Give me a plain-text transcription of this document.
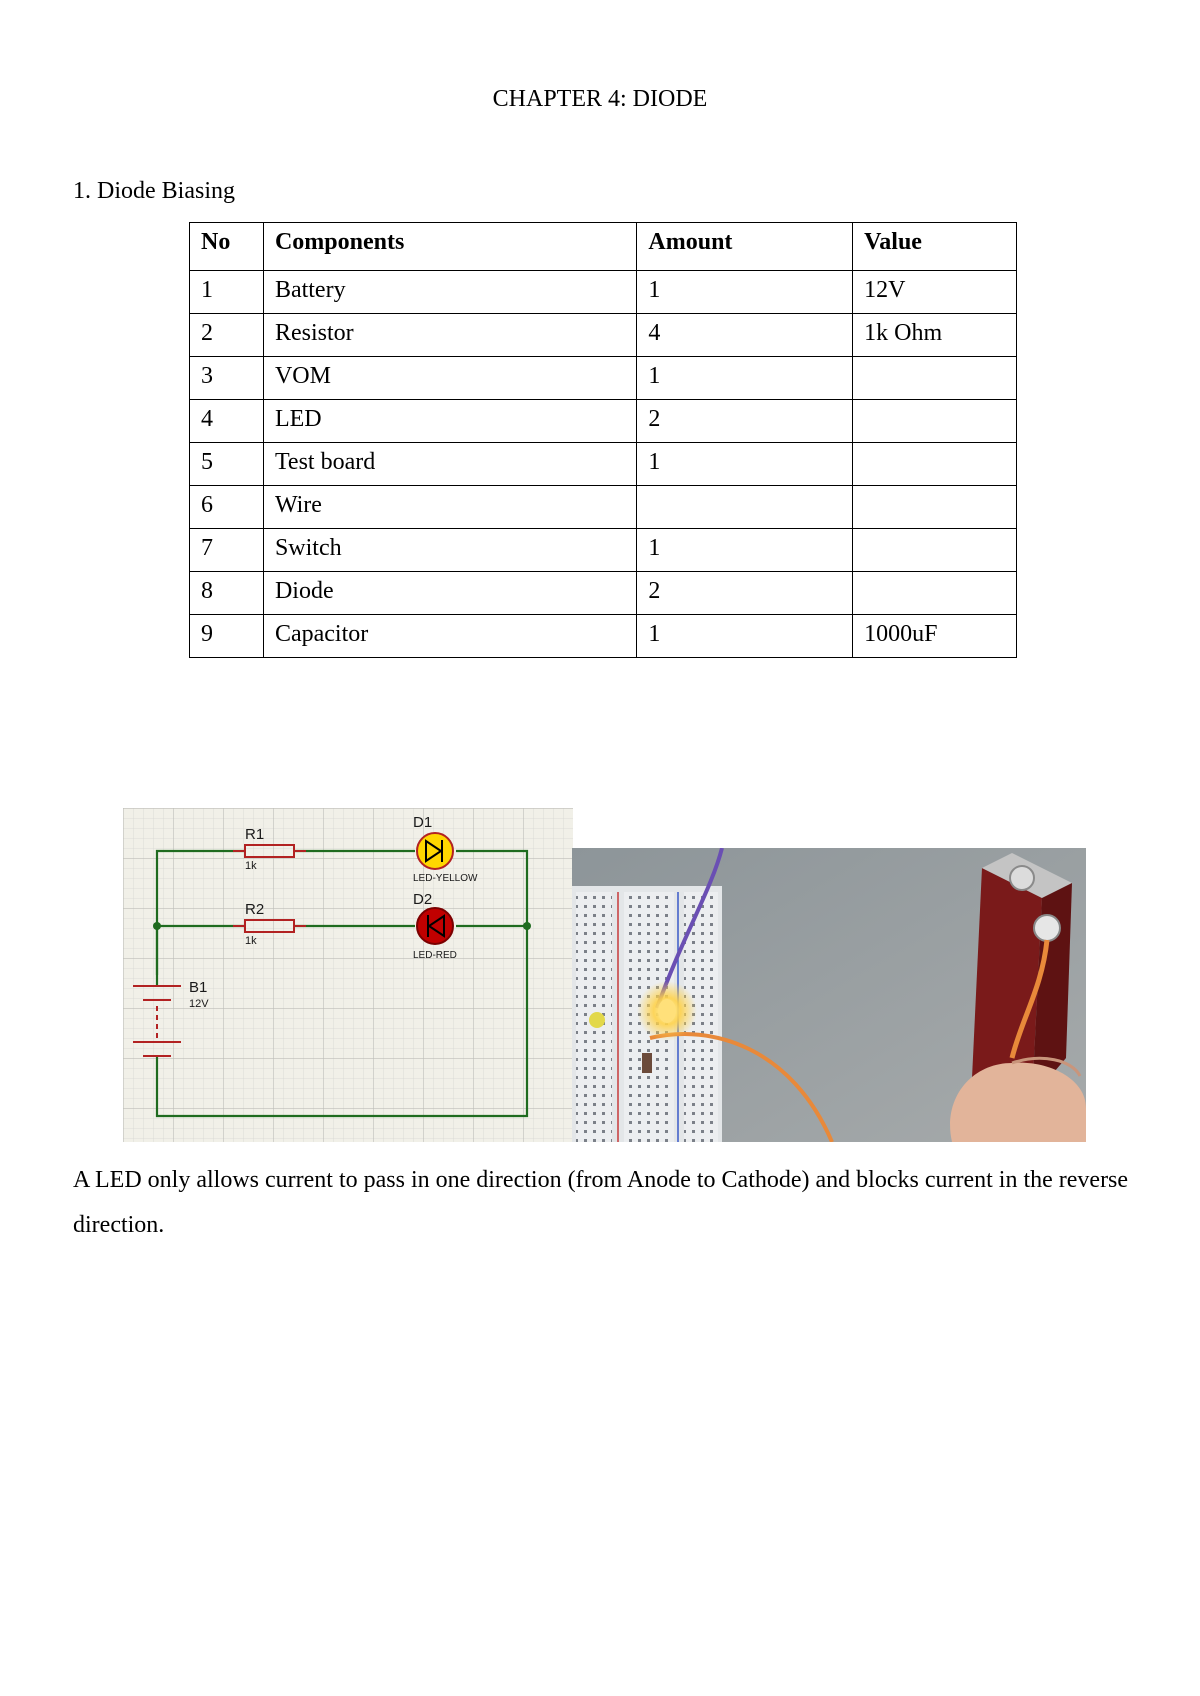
CHAPTER 4: DIODE
1. Diode Biasing
No	Components	Amount	Value
1	Battery	1	12V
2	Resistor	4	1k Ohm
3	VOM	1	
4	LED	2	
5	Test board	1	
6	Wire		
7	Switch	1	
8	Diode	2	
9	Capacitor	1	1000uF
R1
1k
R2
1k
D1
LED-YELLOW
D2
LED-RED
B1
12V
A LED only allows current to pass in one direction (from Anode to Cathode) and blocks current in the reverse direction.
